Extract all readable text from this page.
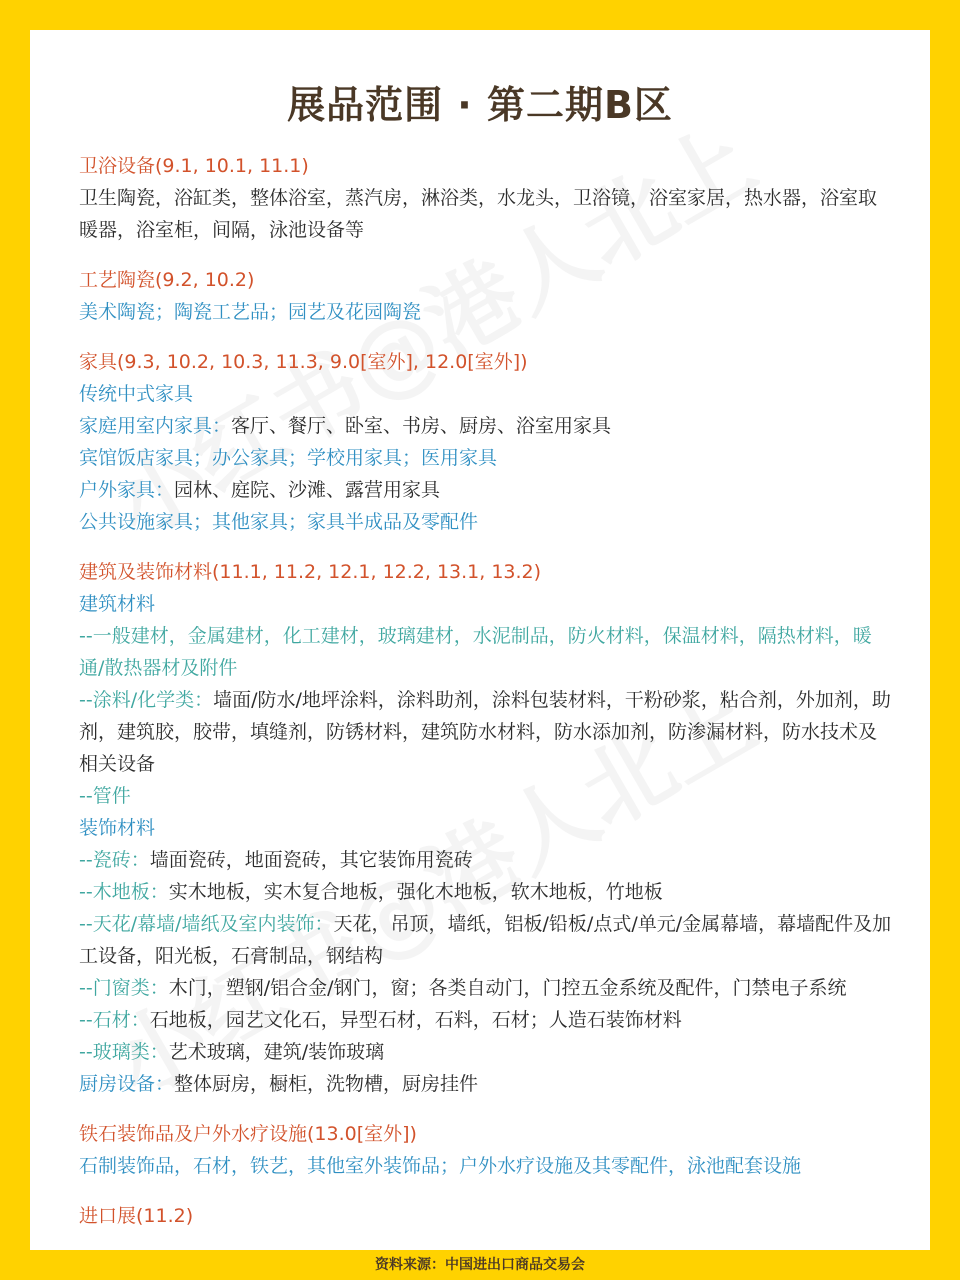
展品范围 · 第二期B区
卫浴设备(9.1, 10.1, 11.1)
卫生陶瓷，浴缸类，整体浴室，蒸汽房，淋浴类，水龙头，卫浴镜，浴室家居，热水器，浴室取
暖器，浴室柜，间隔，泳池设备等
工艺陶瓷(9.2, 10.2)
美术陶瓷；陶瓷工艺品；园艺及花园陶瓷
家具(9.3, 10.2, 10.3, 11.3, 9.0[室外], 12.0[室外])
传统中式家具
家庭用室内家具：客厅、餐厅、卧室、书房、厨房、浴室用家具
宾馆饭店家具；办公家具；学校用家具；医用家具
户外家具：园林、庭院、沙滩、露营用家具
公共设施家具；其他家具；家具半成品及零配件
建筑及装饰材料(11.1, 11.2, 12.1, 12.2, 13.1, 13.2)
建筑材料
--一般建材，金属建材，化工建材，玻璃建材，水泥制品，防火材料，保温材料，隔热材料，暖
通/散热器材及附件
--涂料/化学类：墙面/防水/地坪涂料，涂料助剂，涂料包装材料，干粉砂浆，粘合剂，外加剂，助
剂，建筑胶，胶带，填缝剂，防锈材料，建筑防水材料，防水添加剂，防渗漏材料，防水技术及
相关设备
--管件
装饰材料
--瓷砖：墙面瓷砖，地面瓷砖，其它装饰用瓷砖
--木地板：实木地板，实木复合地板，强化木地板，软木地板，竹地板
--天花/幕墙/墙纸及室内装饰：天花，吊顶，墙纸，铝板/铅板/点式/单元/金属幕墙，幕墙配件及加
工设备，阳光板，石膏制品，钢结构
--门窗类：木门，塑钢/铝合金/钢门，窗；各类自动门，门控五金系统及配件，门禁电子系统
--石材：石地板，园艺文化石，异型石材，石料，石材；人造石装饰材料
--玻璃类：艺术玻璃，建筑/装饰玻璃
厨房设备：整体厨房，橱柜，洗物槽，厨房挂件
铁石装饰品及户外水疗设施(13.0[室外])
石制装饰品，石材，铁艺，其他室外装饰品；户外水疗设施及其零配件，泳池配套设施
进口展(11.2)
资料来源：中国进出口商品交易会
